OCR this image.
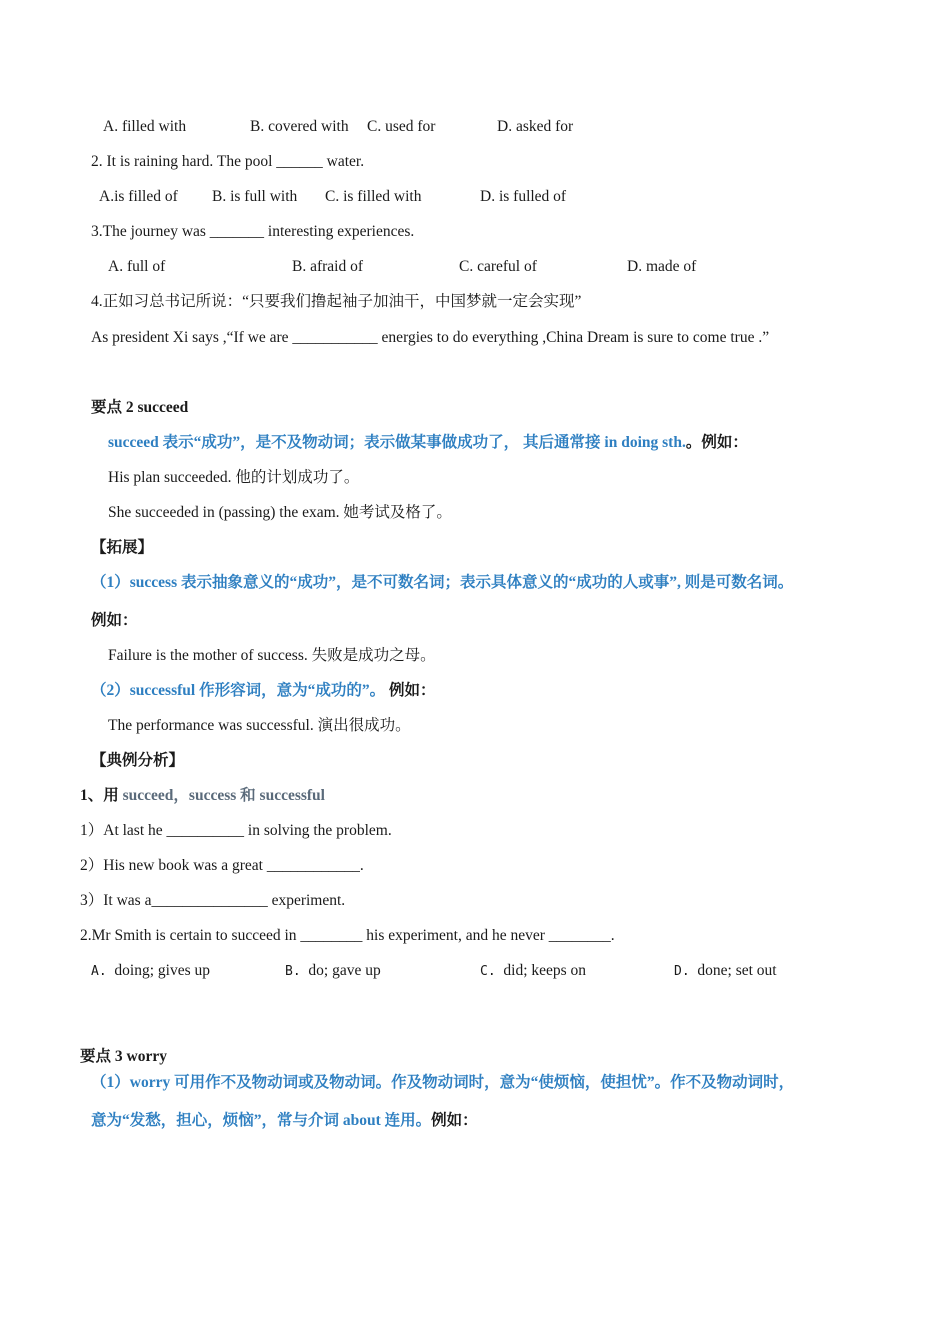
A. filled with	B. covered with C. used for	D. asked for
2. It is raining hard. The pool ______ water.
A.is filled of B. is full with C. is filled with	D. is fulled of
3.The journey was _______ interesting experiences.
A. full of	B. afraid of	C. careful of	D. made of
4.正如习总书记所说：“只要我们撸起袖子加油干，中国梦就一定会实现”
As president Xi says ,“If we are ___________ energies to do everything ,China Dream is sure to come true .”
要点 2 succeed
succeed 表示“成功”，是不及物动词；表示做某事做成功了， 其后通常接 in doing sth.。例如：
His plan succeeded. 他的计划成功了。
She succeeded in (passing) the exam. 她考试及格了。
【拓展】
（1）success 表示抽象意义的“成功”，是不可数名词；表示具体意义的“成功的人或事”, 则是可数名词。
例如：
Failure is the mother of success. 失败是成功之母。
（2）successful 作形容词，意为“成功的”。 例如：
The performance was successful. 演出很成功。
【典例分析】
1、用 succeed，success 和 successful
1）At last he __________ in solving the problem.
2）His new book was a great ____________.
3）It was a_______________ experiment.
2.Mr Smith is certain to succeed in ________ his experiment, and he never ________.
A. doing; gives up	B. do; gave up	C. did; keeps on	D. done; set out
要点 3 worry
（1）worry 可用作不及物动词或及物动词。作及物动词时，意为“使烦恼，使担忧”。作不及物动词时，
意为“发愁，担心，烦恼”，常与介词 about 连用。例如：
